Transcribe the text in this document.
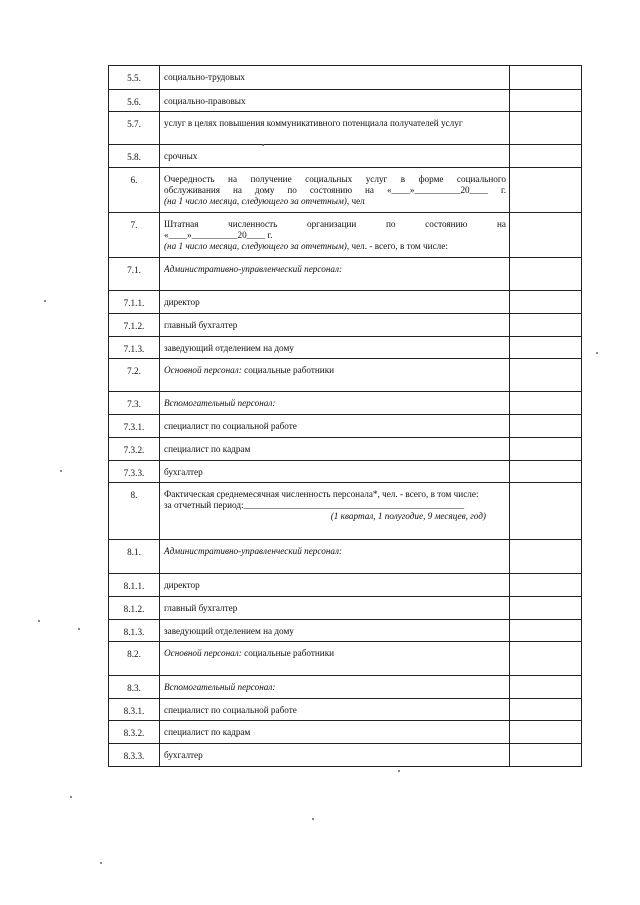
5.5.	социально-трудовых	
5.6.	социально-правовых	
5.7.	услуг в целях повышения коммуникативного потенциала получателей услуг	
5.8.	срочных	
6.	Очередность на получение социальных услуг в форме социального
обслуживания на дому по состоянию на «____»__________20____ г.
(на 1 число месяца, следующего за отчетным), чел	

7.	Штатная численность организации по состоянию на
«____»__________20____ г.
(на 1 число месяца, следующего за отчетным), чел. - всего, в том числе:	

7.1.	Административно-управленческий персонал:	
7.1.1.	директор	
7.1.2.	главный бухгалтер	
7.1.3.	заведующий отделением на дому	
7.2.	Основной персонал: социальные работники	
7.3.	Вспомогательный персонал:	
7.3.1.	специалист по социальной работе	
7.3.2.	специалист по кадрам	
7.3.3.	бухгалтер	
8.	Фактическая среднемесячная численность персонала*, чел. - всего, в том числе:
за отчетный период:________________________________________________
(1 квартал, 1 полугодие, 9 месяцев, год)	

8.1.	Административно-управленческий персонал:	
8.1.1.	директор	
8.1.2.	главный бухгалтер	
8.1.3.	заведующий отделением на дому	
8.2.	Основной персонал: социальные работники	
8.3.	Вспомогательный персонал:	
8.3.1.	специалист по социальной работе	
8.3.2.	специалист по кадрам	
8.3.3.	бухгалтер	
